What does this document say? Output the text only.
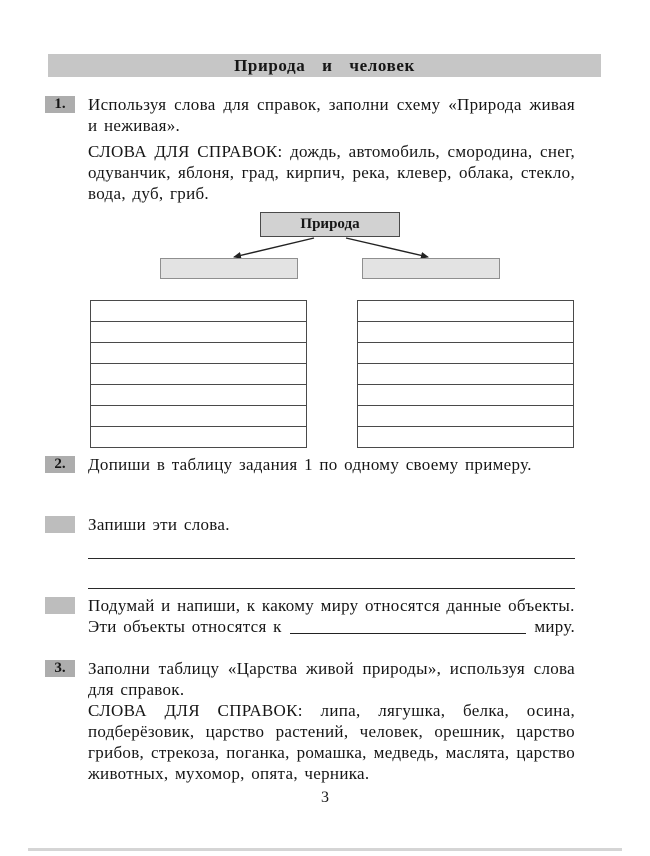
Природа и человек
1.	Используя слова для справок, заполни схему «Природа живая и неживая».
СЛОВА ДЛЯ СПРАВОК: дождь, автомобиль, смородина, снег, одуванчик, яблоня, град, кирпич, река, клевер, облака, стекло, вода, дуб, гриб.
Природа
2.	Допиши в таблицу задания 1 по одному своему примеру.
Запиши эти слова.
Подумай и напиши, к какому миру относятся данные объекты.
Эти объекты относятся к	миру.
3.	Заполни таблицу «Царства живой природы», используя слова для справок.
СЛОВА ДЛЯ СПРАВОК: липа, лягушка, белка, осина, подберёзовик, царство растений, человек, орешник, царство грибов, стрекоза, поганка, ромашка, медведь, маслята, царство животных, мухомор, опята, черника.
3
